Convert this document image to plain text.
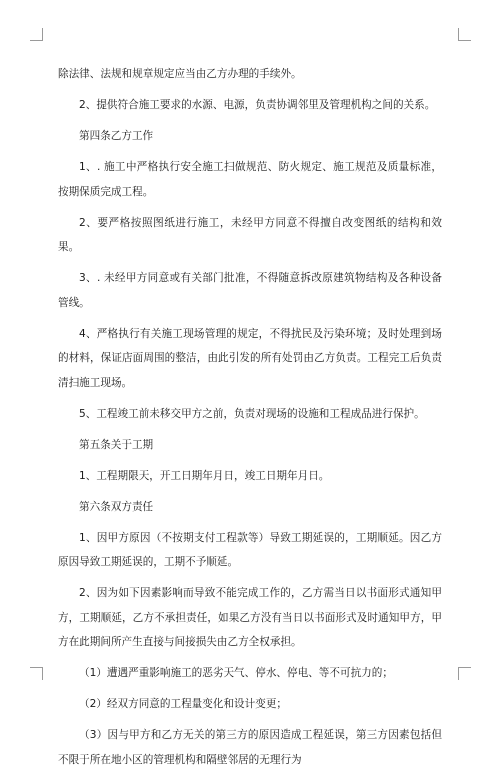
除法律、法规和规章规定应当由乙方办理的手续外。

2、提供符合施工要求的水源、电源，负责协调邻里及管理机构之间的关系。

第四条乙方工作

1、. 施工中严格执行安全施工扫做规范、防火规定、施工规范及质量标准，按期保质完成工程。

2、要严格按照图纸进行施工，未经甲方同意不得擅自改变图纸的结构和效果。

3、. 未经甲方同意或有关部门批准，不得随意拆改原建筑物结构及各种设备管线。

4、严格执行有关施工现场管理的规定，不得扰民及污染环境；及时处理到场的材料，保证店面周围的整洁，由此引发的所有处罚由乙方负责。工程完工后负责清扫施工现场。

5、工程竣工前未移交甲方之前，负责对现场的设施和工程成品进行保护。

第五条关于工期

1、工程期限天，开工日期年月日，竣工日期年月日。

第六条双方责任

1、因甲方原因（不按期支付工程款等）导致工期延误的，工期顺延。因乙方原因导致工期延误的，工期不予顺延。

2、因为如下因素影响而导致不能完成工作的，乙方需当日以书面形式通知甲方，工期顺延，乙方不承担责任，如果乙方没有当日以书面形式及时通知甲方，甲方在此期间所产生直接与间接损失由乙方全权承担。

（1）遭遇严重影响施工的恶劣天气、停水、停电、等不可抗力的；

（2）经双方同意的工程量变化和设计变更；

（3）因与甲方和乙方无关的第三方的原因造成工程延误，第三方因素包括但不限于所在地小区的管理机构和隔壁邻居的无理行为
